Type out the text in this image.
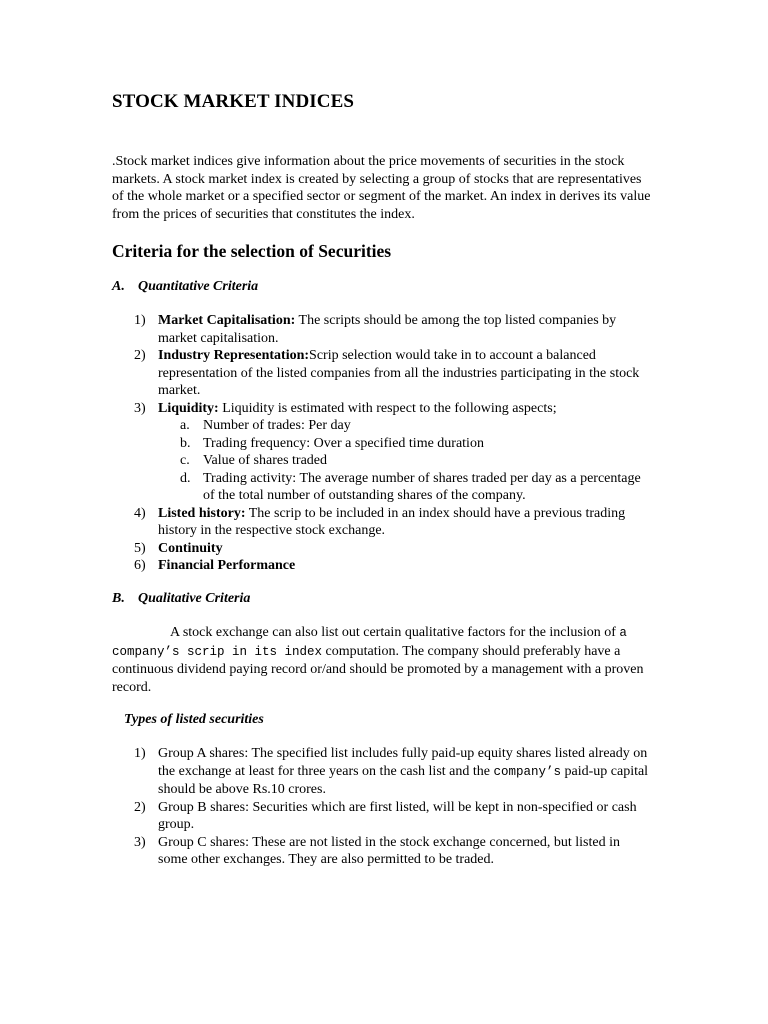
STOCK MARKET INDICES

.Stock market indices give information about the price movements of securities in the stock markets. A stock market index is created by selecting a group of stocks that are representatives of the whole market or a specified sector or segment of the market. An index in derives its value from the prices of securities that constitutes the index.

Criteria for the selection of Securities

A. Quantitative Criteria

1) Market Capitalisation: The scripts should be among the top listed companies by market capitalisation.
2) Industry Representation:Scrip selection would take in to account a balanced representation of the listed companies from all the industries participating in the stock market.
3) Liquidity: Liquidity is estimated with respect to the following aspects;
a. Number of trades: Per day
b. Trading frequency: Over a specified time duration
c. Value of shares traded
d. Trading activity: The average number of shares traded per day as a percentage of the total number of outstanding shares of the company.
4) Listed history: The scrip to be included in an index should have a previous trading history in the respective stock exchange.
5) Continuity
6) Financial Performance

B. Qualitative Criteria

A stock exchange can also list out certain qualitative factors for the inclusion of a company’s scrip in its index computation. The company should preferably have a continuous dividend paying record or/and should be promoted by a management with a proven record.

Types of listed securities

1) Group A shares: The specified list includes fully paid-up equity shares listed already on the exchange at least for three years on the cash list and the company’s paid-up capital should be above Rs.10 crores.
2) Group B shares: Securities which are first listed, will be kept in non-specified or cash group.
3) Group C shares: These are not listed in the stock exchange concerned, but listed in some other exchanges. They are also permitted to be traded.
